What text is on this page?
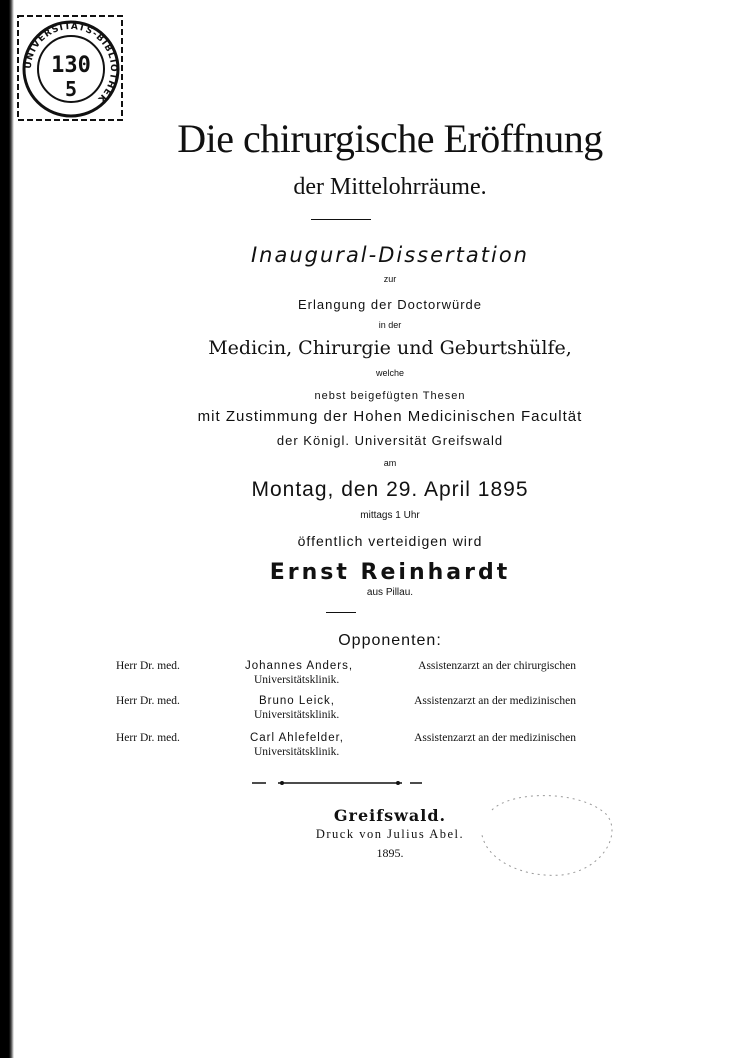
UNIVERSITÄTS-BIBLIOTHEK
130
5
Die chirurgische Eröffnung
der Mittelohrräume.
Inaugural-Dissertation
zur
Erlangung der Doctorwürde
in der
Medicin, Chirurgie und Geburtshülfe,
welche
nebst beigefügten Thesen
mit Zustimmung der Hohen Medicinischen Facultät
der Königl. Universität Greifswald
am
Montag, den 29. April 1895
mittags 1 Uhr
öffentlich verteidigen wird
Ernst Reinhardt
aus Pillau.
Opponenten:
Herr Dr. med.	Johannes Anders,	Assistenzarzt an der chirurgischen
Universitätsklinik.
Herr Dr. med.	Bruno Leick,	Assistenzarzt an der medizinischen
Universitätsklinik.
Herr Dr. med.	Carl Ahlefelder,	Assistenzarzt an der medizinischen
Universitätsklinik.
Greifswald.
Druck von Julius Abel.
1895.
